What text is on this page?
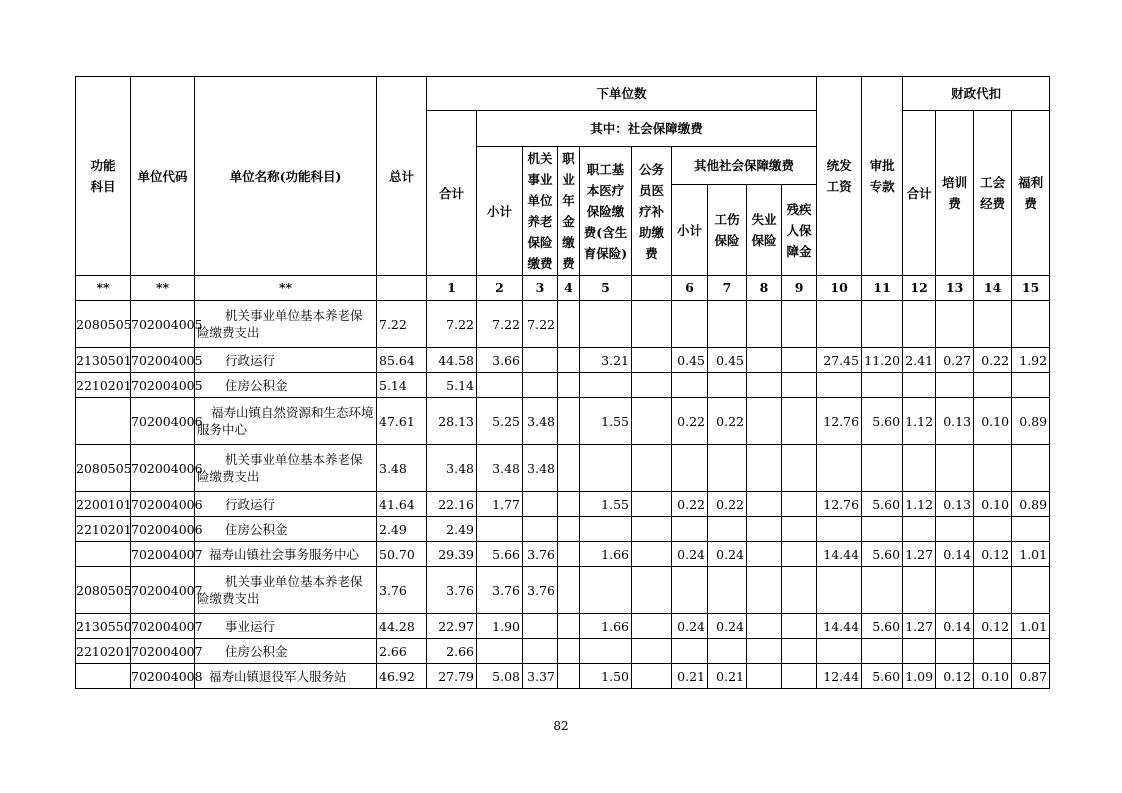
功能科目	单位代码	单位名称(功能科目)	总计	下单位数										统发工资	审批专款	财政代扣			
				合计	其中：社会保障缴费											合计	培训费	工会经费	福利费
					小计	机关事业单位养老保险缴费	职业年金缴费	职工基本医疗保险缴费(含生育保险)	公务员医疗补助缴费	其他社会保障缴费									
										小计	工伤保险	失业保险	残疾人保障金						

**	**	**		1	2	3	4	5		6	7	8	9	10	11	12	13	14	15
2080505	702004005	机关事业单位基本养老保险缴费支出	7.22	7.22	7.22	7.22													
2130501	702004005	行政运行	85.64	44.58	3.66			3.21		0.45	0.45			27.45	11.20	2.41	0.27	0.22	1.92
2210201	702004005	住房公积金	5.14	5.14															
	702004006	福寿山镇自然资源和生态环境服务中心	47.61	28.13	5.25	3.48		1.55		0.22	0.22			12.76	5.60	1.12	0.13	0.10	0.89
2080505	702004006	机关事业单位基本养老保险缴费支出	3.48	3.48	3.48	3.48													
2200101	702004006	行政运行	41.64	22.16	1.77			1.55		0.22	0.22			12.76	5.60	1.12	0.13	0.10	0.89
2210201	702004006	住房公积金	2.49	2.49															
	702004007	福寿山镇社会事务服务中心	50.70	29.39	5.66	3.76		1.66		0.24	0.24			14.44	5.60	1.27	0.14	0.12	1.01
2080505	702004007	机关事业单位基本养老保险缴费支出	3.76	3.76	3.76	3.76													
2130550	702004007	事业运行	44.28	22.97	1.90			1.66		0.24	0.24			14.44	5.60	1.27	0.14	0.12	1.01
2210201	702004007	住房公积金	2.66	2.66															
	702004008	福寿山镇退役军人服务站	46.92	27.79	5.08	3.37		1.50		0.21	0.21			12.44	5.60	1.09	0.12	0.10	0.87
82
